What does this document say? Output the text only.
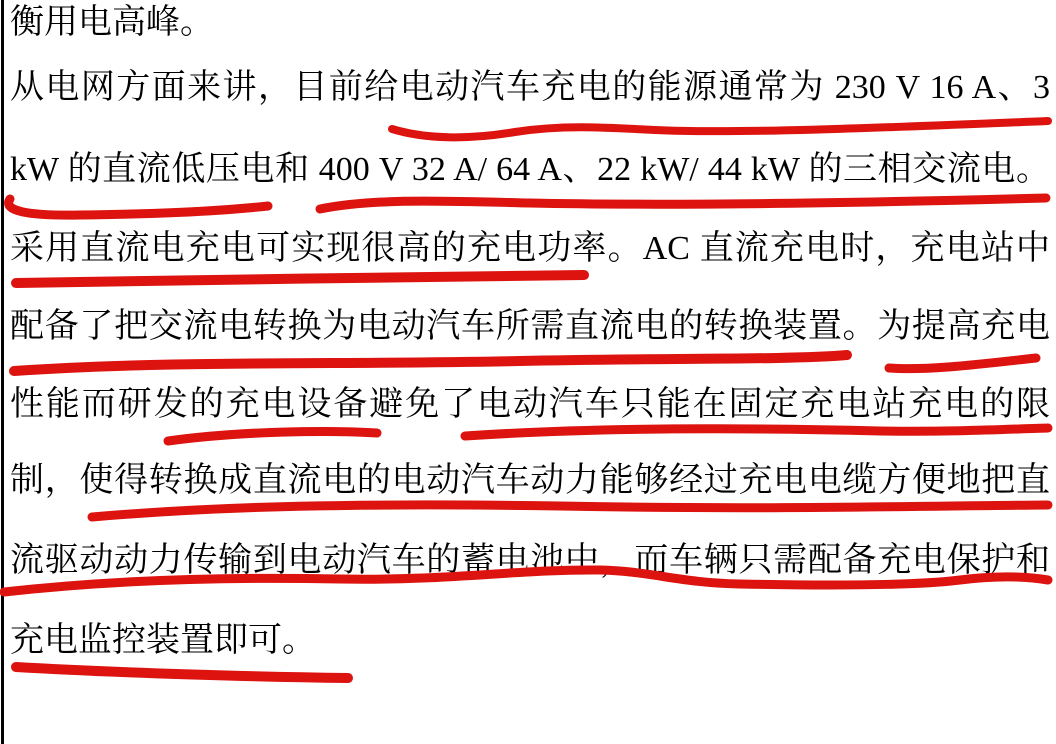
衡用电高峰。
从电网方面来讲，目前给电动汽车充电的能源通常为 230 V 16 A、3
kW 的直流低压电和 400 V 32 A/ 64 A、22 kW/ 44 kW 的三相交流电。
采用直流电充电可实现很高的充电功率。AC 直流充电时，充电站中
配备了把交流电转换为电动汽车所需直流电的转换装置。为提高充电
性能而研发的充电设备避免了电动汽车只能在固定充电站充电的限
制，使得转换成直流电的电动汽车动力能够经过充电电缆方便地把直
流驱动动力传输到电动汽车的蓄电池中，而车辆只需配备充电保护和
充电监控装置即可。
